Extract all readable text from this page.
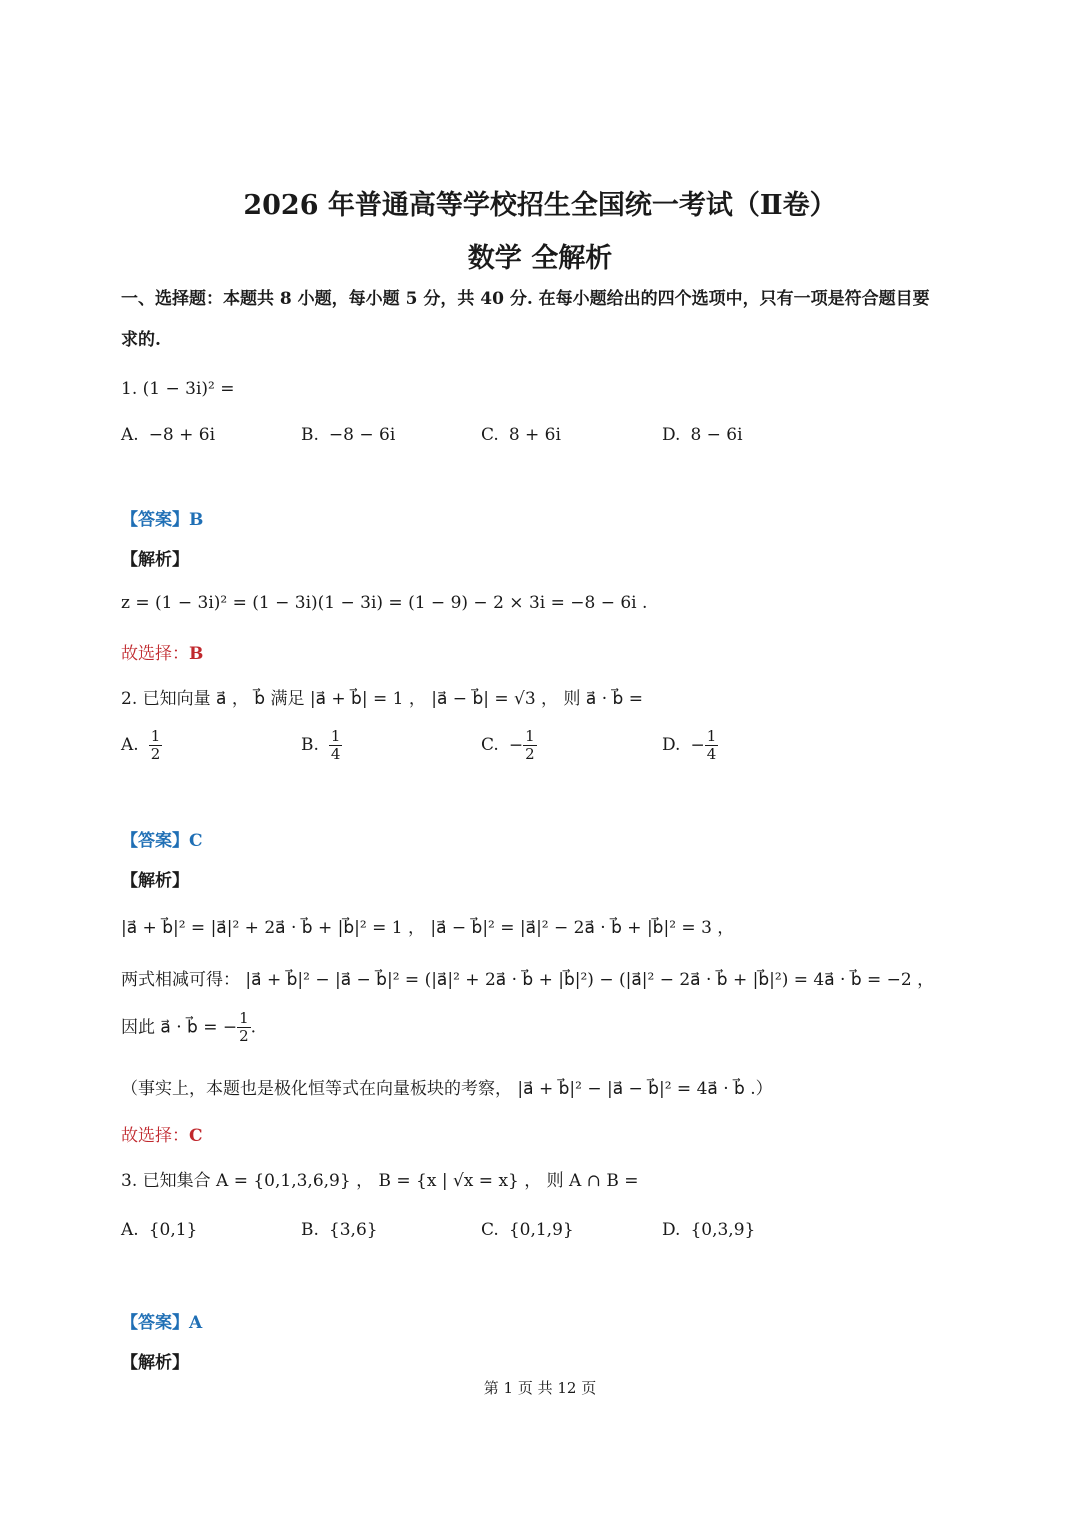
2026 年普通高等学校招生全国统一考试（Ⅱ卷）
数学 全解析
一、选择题：本题共 8 小题，每小题 5 分，共 40 分. 在每小题给出的四个选项中，只有一项是符合题目要
求的.
1. (1 − 3i)² =
A. −8 + 6i	B. −8 − 6i	C. 8 + 6i	D. 8 − 6i
【答案】B
【解析】
z = (1 − 3i)² = (1 − 3i)(1 − 3i) = (1 − 9) − 2 × 3i = −8 − 6i .
故选择：B
2. 已知向量 a⃗ ， b⃗ 满足 |a⃗ + b⃗| = 1 ， |a⃗ − b⃗| = √3 ， 则 a⃗ · b⃗ =
A. $\frac{1}{2}$	B. $\frac{1}{4}$	C. − $\frac{1}{2}$	D. − $\frac{1}{4}$
【答案】C
【解析】
|a⃗ + b⃗|² = |a⃗|² + 2a⃗ · b⃗ + |b⃗|² = 1 ， |a⃗ − b⃗|² = |a⃗|² − 2a⃗ · b⃗ + |b⃗|² = 3 ，
两式相减可得： |a⃗ + b⃗|² − |a⃗ − b⃗|² = (|a⃗|² + 2a⃗ · b⃗ + |b⃗|²) − (|a⃗|² − 2a⃗ · b⃗ + |b⃗|²) = 4a⃗ · b⃗ = −2 ，
因此 a⃗ · b⃗ = − $\frac{1}{2}$ .
（事实上，本题也是极化恒等式在向量板块的考察， |a⃗ + b⃗|² − |a⃗ − b⃗|² = 4a⃗ · b⃗ .）
故选择：C
3. 已知集合 A = {0,1,3,6,9} ， B = {x | √x = x} ， 则 A ∩ B =
A. {0,1}	B. {3,6}	C. {0,1,9}	D. {0,3,9}
【答案】A
【解析】
第 1 页 共 12 页
